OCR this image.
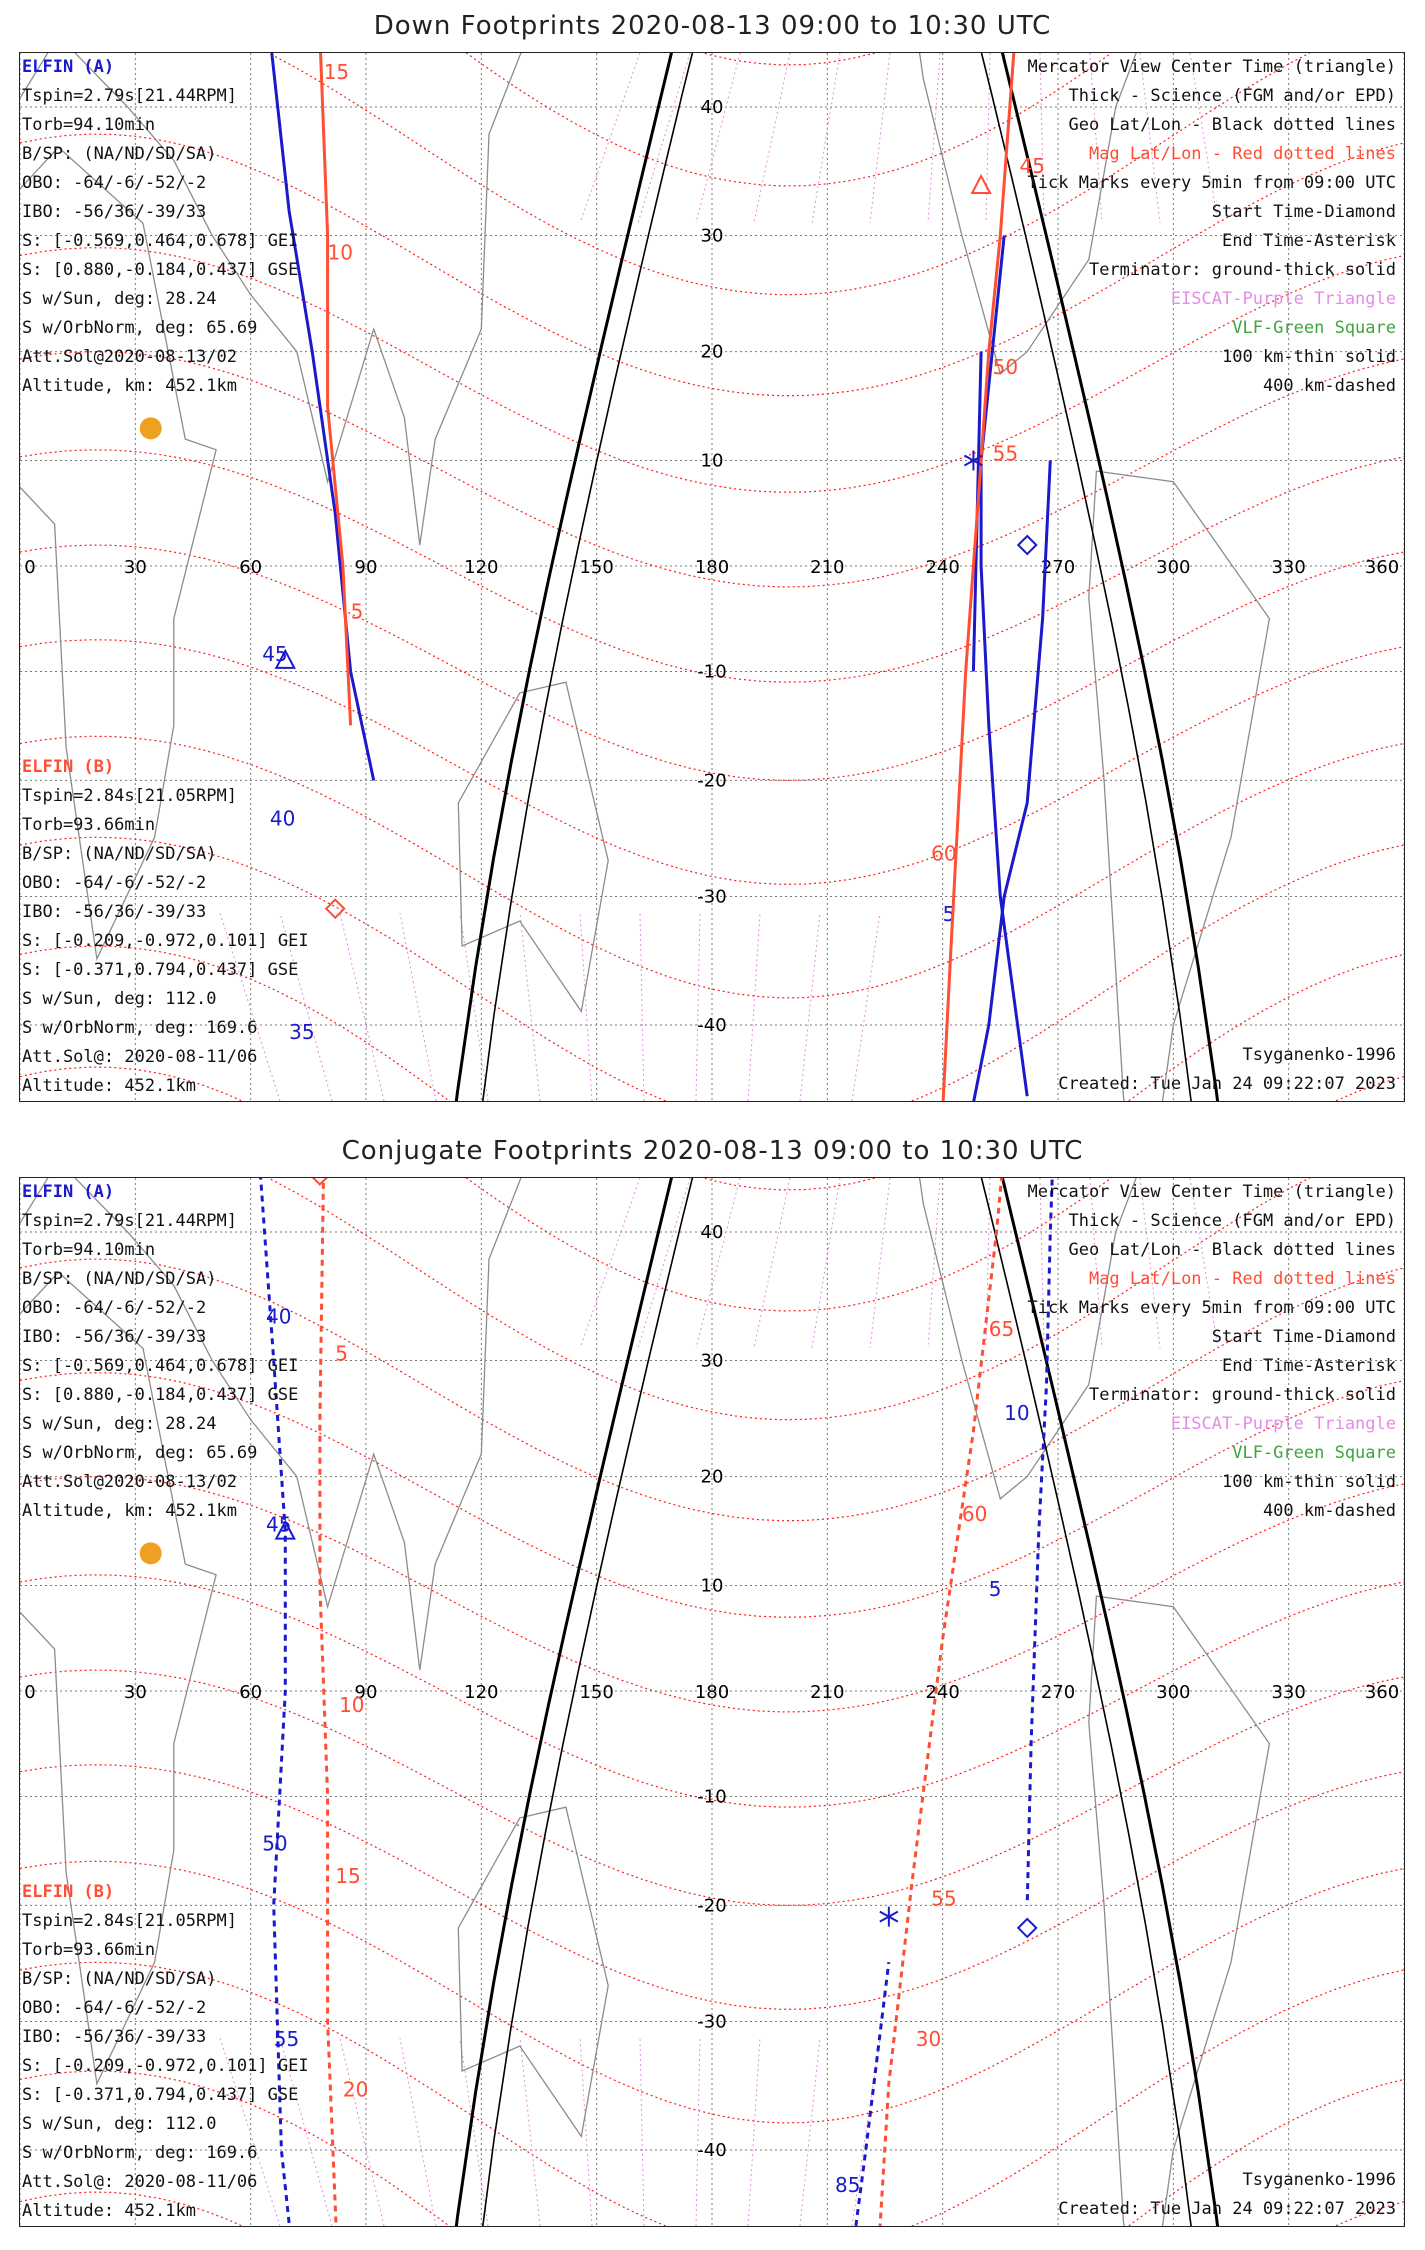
Down Footprints 2020-08-13 09:00 to 10:30 UTC
0	30	60	90	120	150	180	210	240	270	300	330	360
40
30
20
10
-10
-20
-30
-40
45
40
35
5
15
10
5
60
55
50
45
Mercator View Center Time (triangle)
Thick - Science (FGM and/or EPD)
Geo Lat/Lon - Black dotted lines
Mag Lat/Lon - Red dotted lines
Tick Marks every 5min from 09:00 UTC
Start Time-Diamond
End Time-Asterisk
Terminator: ground-thick solid
EISCAT-Purple Triangle
VLF-Green Square
100 km-thin solid
400 km-dashed
ELFIN (A)
Tspin=2.79s[21.44RPM]
Torb=94.10min
B/SP: (NA/ND/SD/SA)
OBO: -64/-6/-52/-2
IBO: -56/36/-39/33
S: [-0.569,0.464,0.678] GEI
S: [0.880,-0.184,0.437] GSE
S w/Sun, deg: 28.24
S w/OrbNorm, deg: 65.69
Att.Sol@2020-08-13/02
Altitude, km: 452.1km
ELFIN (B)
Tspin=2.84s[21.05RPM]
Torb=93.66min
B/SP: (NA/ND/SD/SA)
OBO: -64/-6/-52/-2
IBO: -56/36/-39/33
S: [-0.209,-0.972,0.101] GEI
S: [-0.371,0.794,0.437] GSE
S w/Sun, deg: 112.0
S w/OrbNorm, deg: 169.6
Att.Sol@: 2020-08-11/06
Altitude: 452.1km
Tsyganenko-1996
Created: Tue Jan 24 09:22:07 2023
Conjugate Footprints 2020-08-13 09:00 to 10:30 UTC
0	30	60	90	120	150	180	210	240	270	300	330	360
40
30
20
10
-10
-20
-30
-40
40
45
50
55
85
10
5
5
10
15
20
30
55
60
65
Mercator View Center Time (triangle)
Thick - Science (FGM and/or EPD)
Geo Lat/Lon - Black dotted lines
Mag Lat/Lon - Red dotted lines
Tick Marks every 5min from 09:00 UTC
Start Time-Diamond
End Time-Asterisk
Terminator: ground-thick solid
EISCAT-Purple Triangle
VLF-Green Square
100 km-thin solid
400 km-dashed
ELFIN (A)
Tspin=2.79s[21.44RPM]
Torb=94.10min
B/SP: (NA/ND/SD/SA)
OBO: -64/-6/-52/-2
IBO: -56/36/-39/33
S: [-0.569,0.464,0.678] GEI
S: [0.880,-0.184,0.437] GSE
S w/Sun, deg: 28.24
S w/OrbNorm, deg: 65.69
Att.Sol@2020-08-13/02
Altitude, km: 452.1km
ELFIN (B)
Tspin=2.84s[21.05RPM]
Torb=93.66min
B/SP: (NA/ND/SD/SA)
OBO: -64/-6/-52/-2
IBO: -56/36/-39/33
S: [-0.209,-0.972,0.101] GEI
S: [-0.371,0.794,0.437] GSE
S w/Sun, deg: 112.0
S w/OrbNorm, deg: 169.6
Att.Sol@: 2020-08-11/06
Altitude: 452.1km
Tsyganenko-1996
Created: Tue Jan 24 09:22:07 2023
